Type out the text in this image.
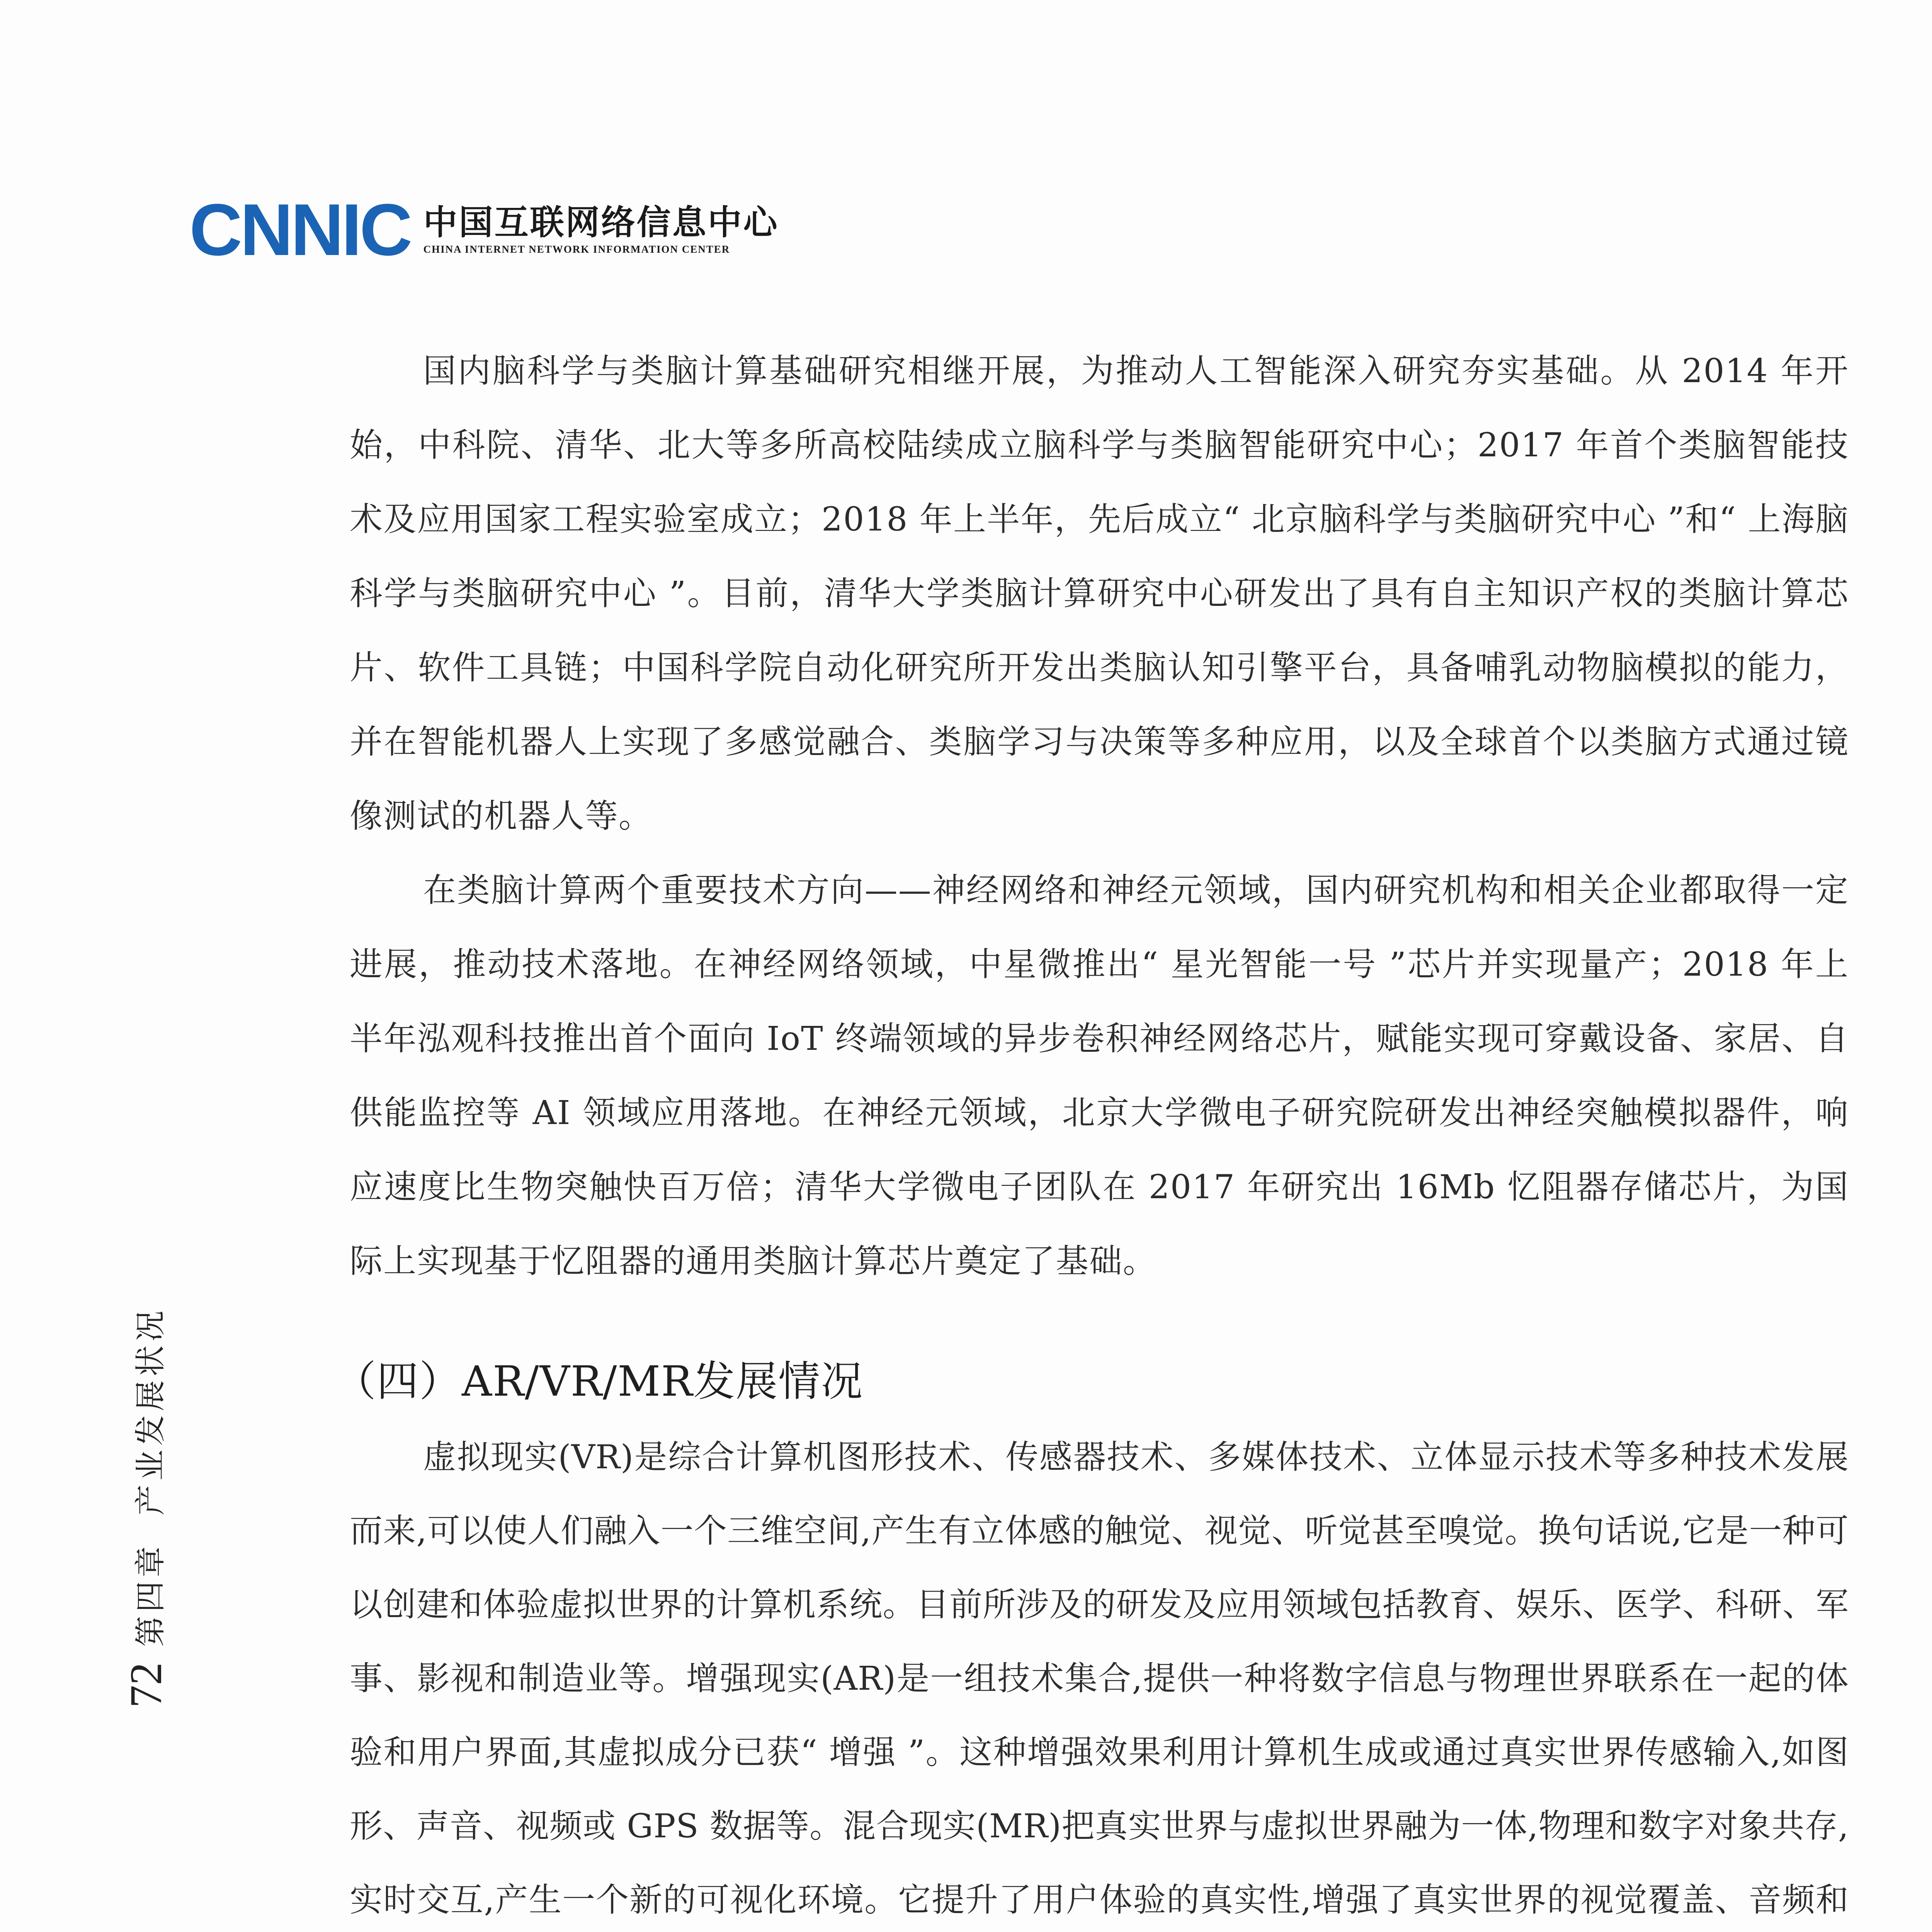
CNNIC 中国互联网络信息中心
CHINA INTERNET NETWORK INFORMATION CENTER

国内脑科学与类脑计算基础研究相继开展，为推动人工智能深入研究夯实基础。从 2014 年开始，中科院、清华、北大等多所高校陆续成立脑科学与类脑智能研究中心；2017 年首个类脑智能技术及应用国家工程实验室成立；2018 年上半年，先后成立“ 北京脑科学与类脑研究中心 ”和“ 上海脑科学与类脑研究中心 ”。目前，清华大学类脑计算研究中心研发出了具有自主知识产权的类脑计算芯片、软件工具链；中国科学院自动化研究所开发出类脑认知引擎平台，具备哺乳动物脑模拟的能力，并在智能机器人上实现了多感觉融合、类脑学习与决策等多种应用，以及全球首个以类脑方式通过镜像测试的机器人等。

在类脑计算两个重要技术方向——神经网络和神经元领域，国内研究机构和相关企业都取得一定进展，推动技术落地。在神经网络领域，中星微推出“ 星光智能一号 ”芯片并实现量产；2018 年上半年泓观科技推出首个面向 IoT 终端领域的异步卷积神经网络芯片，赋能实现可穿戴设备、家居、自供能监控等 AI 领域应用落地。在神经元领域，北京大学微电子研究院研发出神经突触模拟器件，响应速度比生物突触快百万倍；清华大学微电子团队在 2017 年研究出 16Mb 忆阻器存储芯片，为国际上实现基于忆阻器的通用类脑计算芯片奠定了基础。

（四）AR/VR/MR发展情况

虚拟现实(VR)是综合计算机图形技术、传感器技术、多媒体技术、立体显示技术等多种技术发展而来,可以使人们融入一个三维空间,产生有立体感的触觉、视觉、听觉甚至嗅觉。换句话说,它是一种可以创建和体验虚拟世界的计算机系统。目前所涉及的研发及应用领域包括教育、娱乐、医学、科研、军事、影视和制造业等。增强现实(AR)是一组技术集合,提供一种将数字信息与物理世界联系在一起的体验和用户界面,其虚拟成分已获“ 增强 ”。这种增强效果利用计算机生成或通过真实世界传感输入,如图形、声音、视频或 GPS 数据等。混合现实(MR)把真实世界与虚拟世界融为一体,物理和数字对象共存,实时交互,产生一个新的可视化环境。它提升了用户体验的真实性,增强了真实世界的视觉覆盖、音频和

72
第四章
产业发展状况
